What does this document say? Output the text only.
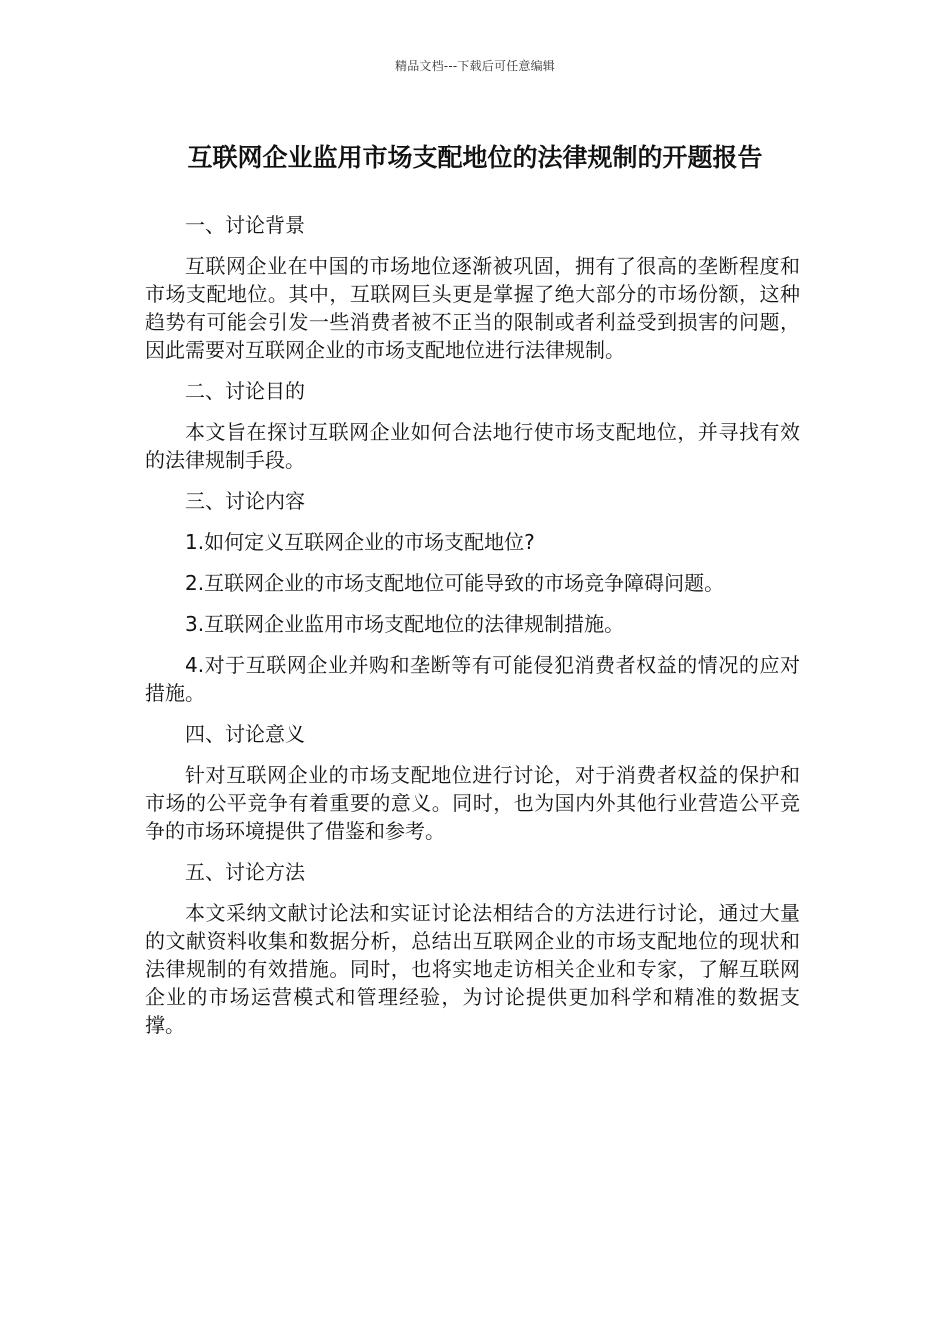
精品文档---下载后可任意编辑
互联网企业监用市场支配地位的法律规制的开题报告

一、讨论背景

互联网企业在中国的市场地位逐渐被巩固，拥有了很高的垄断程度和市场支配地位。其中，互联网巨头更是掌握了绝大部分的市场份额，这种趋势有可能会引发一些消费者被不正当的限制或者利益受到损害的问题，因此需要对互联网企业的市场支配地位进行法律规制。

二、讨论目的

本文旨在探讨互联网企业如何合法地行使市场支配地位，并寻找有效的法律规制手段。

三、讨论内容

1.如何定义互联网企业的市场支配地位?

2.互联网企业的市场支配地位可能导致的市场竞争障碍问题。

3.互联网企业监用市场支配地位的法律规制措施。

4.对于互联网企业并购和垄断等有可能侵犯消费者权益的情况的应对措施。

四、讨论意义

针对互联网企业的市场支配地位进行讨论，对于消费者权益的保护和市场的公平竞争有着重要的意义。同时，也为国内外其他行业营造公平竞争的市场环境提供了借鉴和参考。

五、讨论方法

本文采纳文献讨论法和实证讨论法相结合的方法进行讨论，通过大量的文献资料收集和数据分析，总结出互联网企业的市场支配地位的现状和法律规制的有效措施。同时，也将实地走访相关企业和专家，了解互联网企业的市场运营模式和管理经验，为讨论提供更加科学和精准的数据支撑。
